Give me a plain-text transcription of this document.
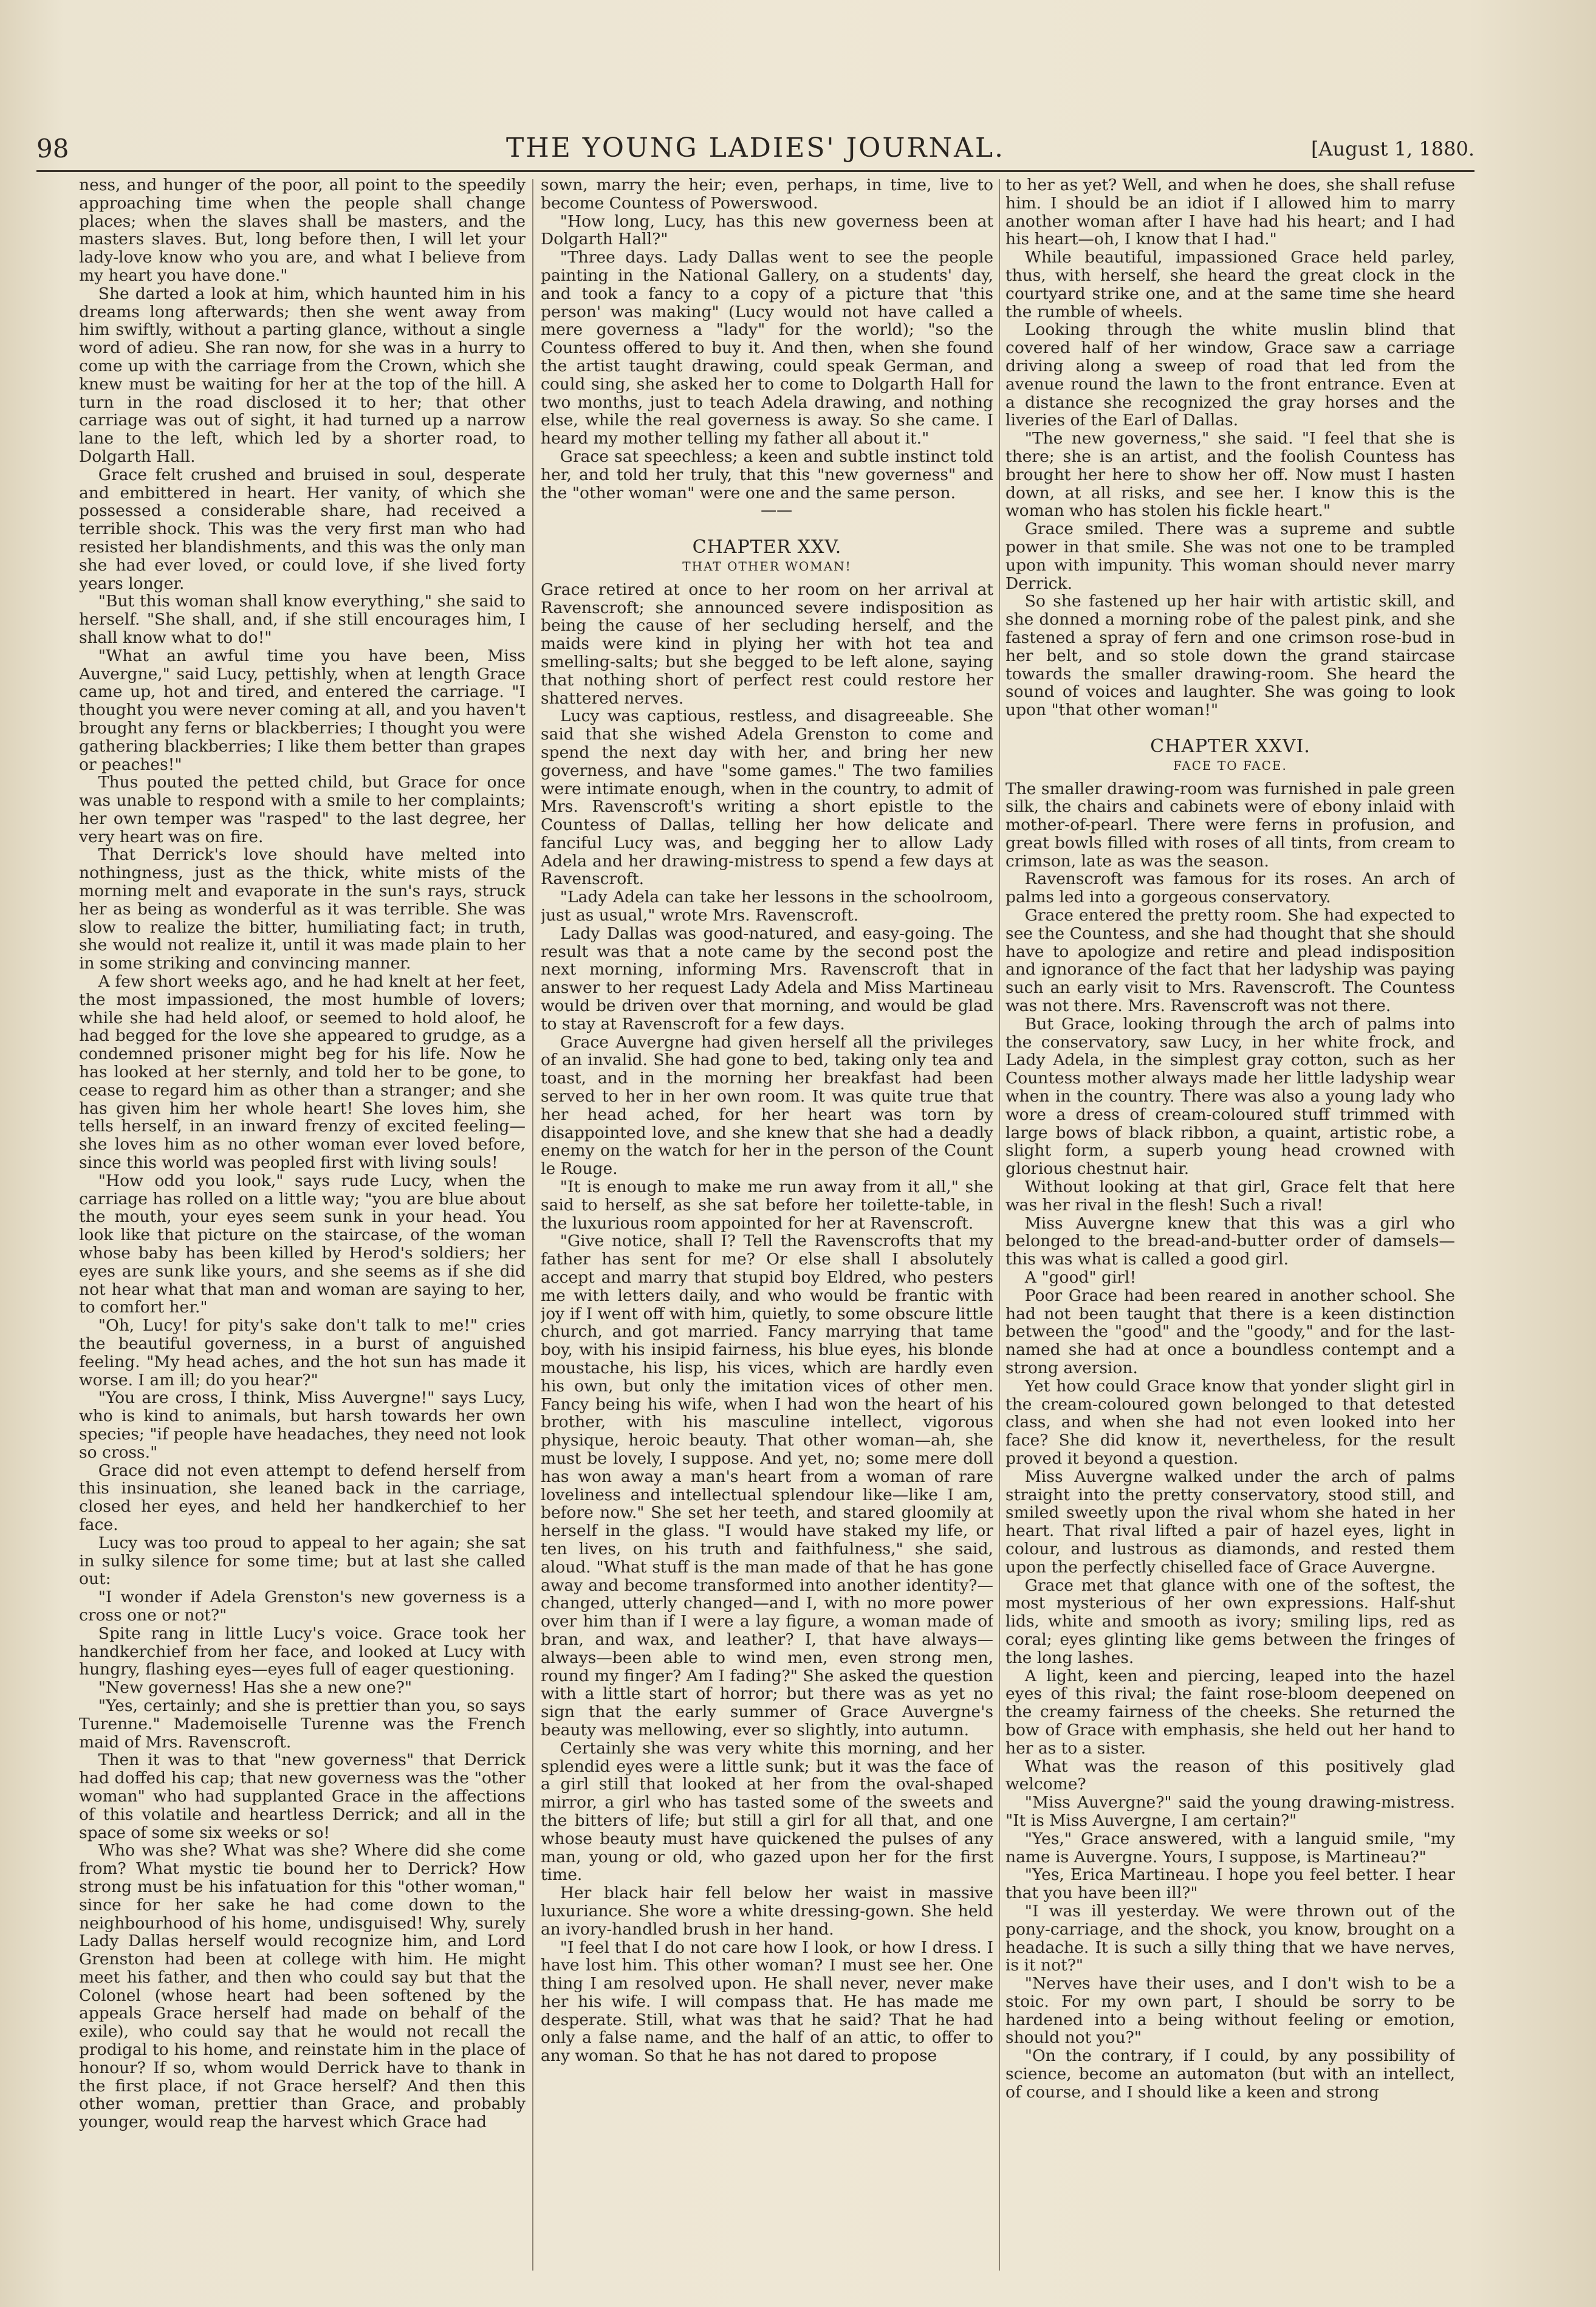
98	THE YOUNG LADIES' JOURNAL.	[August 1, 1880.

ness, and hunger of the poor, all point to the speedily approaching time when the people shall change places; when the slaves shall be masters, and the masters slaves. But, long before then, I will let your lady-love know who you are, and what I believe from my heart you have done."

She darted a look at him, which haunted him in his dreams long afterwards; then she went away from him swiftly, without a parting glance, without a single word of adieu. She ran now, for she was in a hurry to come up with the carriage from the Crown, which she knew must be waiting for her at the top of the hill. A turn in the road disclosed it to her; that other carriage was out of sight, it had turned up a narrow lane to the left, which led by a shorter road, to Dolgarth Hall.

Grace felt crushed and bruised in soul, desperate and embittered in heart. Her vanity, of which she possessed a considerable share, had received a terrible shock. This was the very first man who had resisted her blandishments, and this was the only man she had ever loved, or could love, if she lived forty years longer.

"But this woman shall know everything," she said to herself. "She shall, and, if she still encourages him, I shall know what to do!"

"What an awful time you have been, Miss Auvergne," said Lucy, pettishly, when at length Grace came up, hot and tired, and entered the carriage. "I thought you were never coming at all, and you haven't brought any ferns or blackberries; I thought you were gathering blackberries; I like them better than grapes or peaches!"

Thus pouted the petted child, but Grace for once was unable to respond with a smile to her complaints; her own temper was "rasped" to the last degree, her very heart was on fire.

That Derrick's love should have melted into nothingness, just as the thick, white mists of the morning melt and evaporate in the sun's rays, struck her as being as wonderful as it was terrible. She was slow to realize the bitter, humiliating fact; in truth, she would not realize it, until it was made plain to her in some striking and convincing manner.

A few short weeks ago, and he had knelt at her feet, the most impassioned, the most humble of lovers; while she had held aloof, or seemed to hold aloof, he had begged for the love she appeared to grudge, as a condemned prisoner might beg for his life. Now he has looked at her sternly, and told her to be gone, to cease to regard him as other than a stranger; and she has given him her whole heart! She loves him, she tells herself, in an inward frenzy of excited feeling—she loves him as no other woman ever loved before, since this world was peopled first with living souls!

"How odd you look," says rude Lucy, when the carriage has rolled on a little way; "you are blue about the mouth, your eyes seem sunk in your head. You look like that picture on the staircase, of the woman whose baby has been killed by Herod's soldiers; her eyes are sunk like yours, and she seems as if she did not hear what that man and woman are saying to her, to comfort her."

"Oh, Lucy! for pity's sake don't talk to me!" cries the beautiful governess, in a burst of anguished feeling. "My head aches, and the hot sun has made it worse. I am ill; do you hear?"

"You are cross, I think, Miss Auvergne!" says Lucy, who is kind to animals, but harsh towards her own species; "if people have headaches, they need not look so cross."

Grace did not even attempt to defend herself from this insinuation, she leaned back in the carriage, closed her eyes, and held her handkerchief to her face.

Lucy was too proud to appeal to her again; she sat in sulky silence for some time; but at last she called out:

"I wonder if Adela Grenston's new governess is a cross one or not?"

Spite rang in little Lucy's voice. Grace took her handkerchief from her face, and looked at Lucy with hungry, flashing eyes—eyes full of eager questioning.

"New governess! Has she a new one?"

"Yes, certainly; and she is prettier than you, so says Turenne." Mademoiselle Turenne was the French maid of Mrs. Ravenscroft.

Then it was to that "new governess" that Derrick had doffed his cap; that new governess was the "other woman" who had supplanted Grace in the affections of this volatile and heartless Derrick; and all in the space of some six weeks or so!

Who was she? What was she? Where did she come from? What mystic tie bound her to Derrick? How strong must be his infatuation for this "other woman," since for her sake he had come down to the neighbourhood of his home, undisguised! Why, surely Lady Dallas herself would recognize him, and Lord Grenston had been at college with him. He might meet his father, and then who could say but that the Colonel (whose heart had been softened by the appeals Grace herself had made on behalf of the exile), who could say that he would not recall the prodigal to his home, and reinstate him in the place of honour? If so, whom would Derrick have to thank in the first place, if not Grace herself? And then this other woman, prettier than Grace, and probably younger, would reap the harvest which Grace had

sown, marry the heir; even, perhaps, in time, live to become Countess of Powerswood.

"How long, Lucy, has this new governess been at Dolgarth Hall?"

"Three days. Lady Dallas went to see the people painting in the National Gallery, on a students' day, and took a fancy to a copy of a picture that 'this person' was making" (Lucy would not have called a mere governess a "lady" for the world); "so the Countess offered to buy it. And then, when she found the artist taught drawing, could speak German, and could sing, she asked her to come to Dolgarth Hall for two months, just to teach Adela drawing, and nothing else, while the real governess is away. So she came. I heard my mother telling my father all about it."

Grace sat speechless; a keen and subtle instinct told her, and told her truly, that this "new governess" and the "other woman" were one and the same person.

——

CHAPTER XXV.
THAT OTHER WOMAN!

Grace retired at once to her room on her arrival at Ravenscroft; she announced severe indisposition as being the cause of her secluding herself, and the maids were kind in plying her with hot tea and smelling-salts; but she begged to be left alone, saying that nothing short of perfect rest could restore her shattered nerves.

Lucy was captious, restless, and disagreeable. She said that she wished Adela Grenston to come and spend the next day with her, and bring her new governess, and have "some games." The two families were intimate enough, when in the country, to admit of Mrs. Ravenscroft's writing a short epistle to the Countess of Dallas, telling her how delicate and fanciful Lucy was, and begging her to allow Lady Adela and her drawing-mistress to spend a few days at Ravenscroft.

"Lady Adela can take her lessons in the schoolroom, just as usual," wrote Mrs. Ravenscroft.

Lady Dallas was good-natured, and easy-going. The result was that a note came by the second post the next morning, informing Mrs. Ravenscroft that in answer to her request Lady Adela and Miss Martineau would be driven over that morning, and would be glad to stay at Ravenscroft for a few days.

Grace Auvergne had given herself all the privileges of an invalid. She had gone to bed, taking only tea and toast, and in the morning her breakfast had been served to her in her own room. It was quite true that her head ached, for her heart was torn by disappointed love, and she knew that she had a deadly enemy on the watch for her in the person of the Count le Rouge.

"It is enough to make me run away from it all," she said to herself, as she sat before her toilette-table, in the luxurious room appointed for her at Ravenscroft.

"Give notice, shall I? Tell the Ravenscrofts that my father has sent for me? Or else shall I absolutely accept and marry that stupid boy Eldred, who pesters me with letters daily, and who would be frantic with joy if I went off with him, quietly, to some obscure little church, and got married. Fancy marrying that tame boy, with his insipid fairness, his blue eyes, his blonde moustache, his lisp, his vices, which are hardly even his own, but only the imitation vices of other men. Fancy being his wife, when I had won the heart of his brother, with his masculine intellect, vigorous physique, heroic beauty. That other woman—ah, she must be lovely, I suppose. And yet, no; some mere doll has won away a man's heart from a woman of rare loveliness and intellectual splendour like—like I am, before now." She set her teeth, and stared gloomily at herself in the glass. "I would have staked my life, or ten lives, on his truth and faithfulness," she said, aloud. "What stuff is the man made of that he has gone away and become transformed into another identity?—changed, utterly changed—and I, with no more power over him than if I were a lay figure, a woman made of bran, and wax, and leather? I, that have always—always—been able to wind men, even strong men, round my finger? Am I fading?" She asked the question with a little start of horror; but there was as yet no sign that the early summer of Grace Auvergne's beauty was mellowing, ever so slightly, into autumn.

Certainly she was very white this morning, and her splendid eyes were a little sunk; but it was the face of a girl still that looked at her from the oval-shaped mirror, a girl who has tasted some of the sweets and the bitters of life; but still a girl for all that, and one whose beauty must have quickened the pulses of any man, young or old, who gazed upon her for the first time.

Her black hair fell below her waist in massive luxuriance. She wore a white dressing-gown. She held an ivory-handled brush in her hand.

"I feel that I do not care how I look, or how I dress. I have lost him. This other woman? I must see her. One thing I am resolved upon. He shall never, never make her his wife. I will compass that. He has made me desperate. Still, what was that he said? That he had only a false name, and the half of an attic, to offer to any woman. So that he has not dared to propose

to her as yet? Well, and when he does, she shall refuse him. I should be an idiot if I allowed him to marry another woman after I have had his heart; and I had his heart—oh, I know that I had."

While beautiful, impassioned Grace held parley, thus, with herself, she heard the great clock in the courtyard strike one, and at the same time she heard the rumble of wheels.

Looking through the white muslin blind that covered half of her window, Grace saw a carriage driving along a sweep of road that led from the avenue round the lawn to the front entrance. Even at a distance she recognized the gray horses and the liveries of the Earl of Dallas.

"The new governess," she said. "I feel that she is there; she is an artist, and the foolish Countess has brought her here to show her off. Now must I hasten down, at all risks, and see her. I know this is the woman who has stolen his fickle heart."

Grace smiled. There was a supreme and subtle power in that smile. She was not one to be trampled upon with impunity. This woman should never marry Derrick.

So she fastened up her hair with artistic skill, and she donned a morning robe of the palest pink, and she fastened a spray of fern and one crimson rose-bud in her belt, and so stole down the grand staircase towards the smaller drawing-room. She heard the sound of voices and laughter. She was going to look upon "that other woman!"

CHAPTER XXVI.
FACE TO FACE.

The smaller drawing-room was furnished in pale green silk, the chairs and cabinets were of ebony inlaid with mother-of-pearl. There were ferns in profusion, and great bowls filled with roses of all tints, from cream to crimson, late as was the season.

Ravenscroft was famous for its roses. An arch of palms led into a gorgeous conservatory.

Grace entered the pretty room. She had expected to see the Countess, and she had thought that she should have to apologize and retire and plead indisposition and ignorance of the fact that her ladyship was paying such an early visit to Mrs. Ravenscroft. The Countess was not there. Mrs. Ravenscroft was not there.

But Grace, looking through the arch of palms into the conservatory, saw Lucy, in her white frock, and Lady Adela, in the simplest gray cotton, such as her Countess mother always made her little ladyship wear when in the country. There was also a young lady who wore a dress of cream-coloured stuff trimmed with large bows of black ribbon, a quaint, artistic robe, a slight form, a superb young head crowned with glorious chestnut hair.

Without looking at that girl, Grace felt that here was her rival in the flesh! Such a rival!

Miss Auvergne knew that this was a girl who belonged to the bread-and-butter order of damsels—this was what is called a good girl.

A "good" girl!

Poor Grace had been reared in another school. She had not been taught that there is a keen distinction between the "good" and the "goody," and for the last-named she had at once a boundless contempt and a strong aversion.

Yet how could Grace know that yonder slight girl in the cream-coloured gown belonged to that detested class, and when she had not even looked into her face? She did know it, nevertheless, for the result proved it beyond a question.

Miss Auvergne walked under the arch of palms straight into the pretty conservatory, stood still, and smiled sweetly upon the rival whom she hated in her heart. That rival lifted a pair of hazel eyes, light in colour, and lustrous as diamonds, and rested them upon the perfectly chiselled face of Grace Auvergne.

Grace met that glance with one of the softest, the most mysterious of her own expressions. Half-shut lids, white and smooth as ivory; smiling lips, red as coral; eyes glinting like gems between the fringes of the long lashes.

A light, keen and piercing, leaped into the hazel eyes of this rival; the faint rose-bloom deepened on the creamy fairness of the cheeks. She returned the bow of Grace with emphasis, she held out her hand to her as to a sister.

What was the reason of this positively glad welcome?

"Miss Auvergne?" said the young drawing-mistress. "It is Miss Auvergne, I am certain?"

"Yes," Grace answered, with a languid smile, "my name is Auvergne. Yours, I suppose, is Martineau?"

"Yes, Erica Martineau. I hope you feel better. I hear that you have been ill?"

"I was ill yesterday. We were thrown out of the pony-carriage, and the shock, you know, brought on a headache. It is such a silly thing that we have nerves, is it not?"

"Nerves have their uses, and I don't wish to be a stoic. For my own part, I should be sorry to be hardened into a being without feeling or emotion, should not you?"

"On the contrary, if I could, by any possibility of science, become an automaton (but with an intellect, of course, and I should like a keen and strong
